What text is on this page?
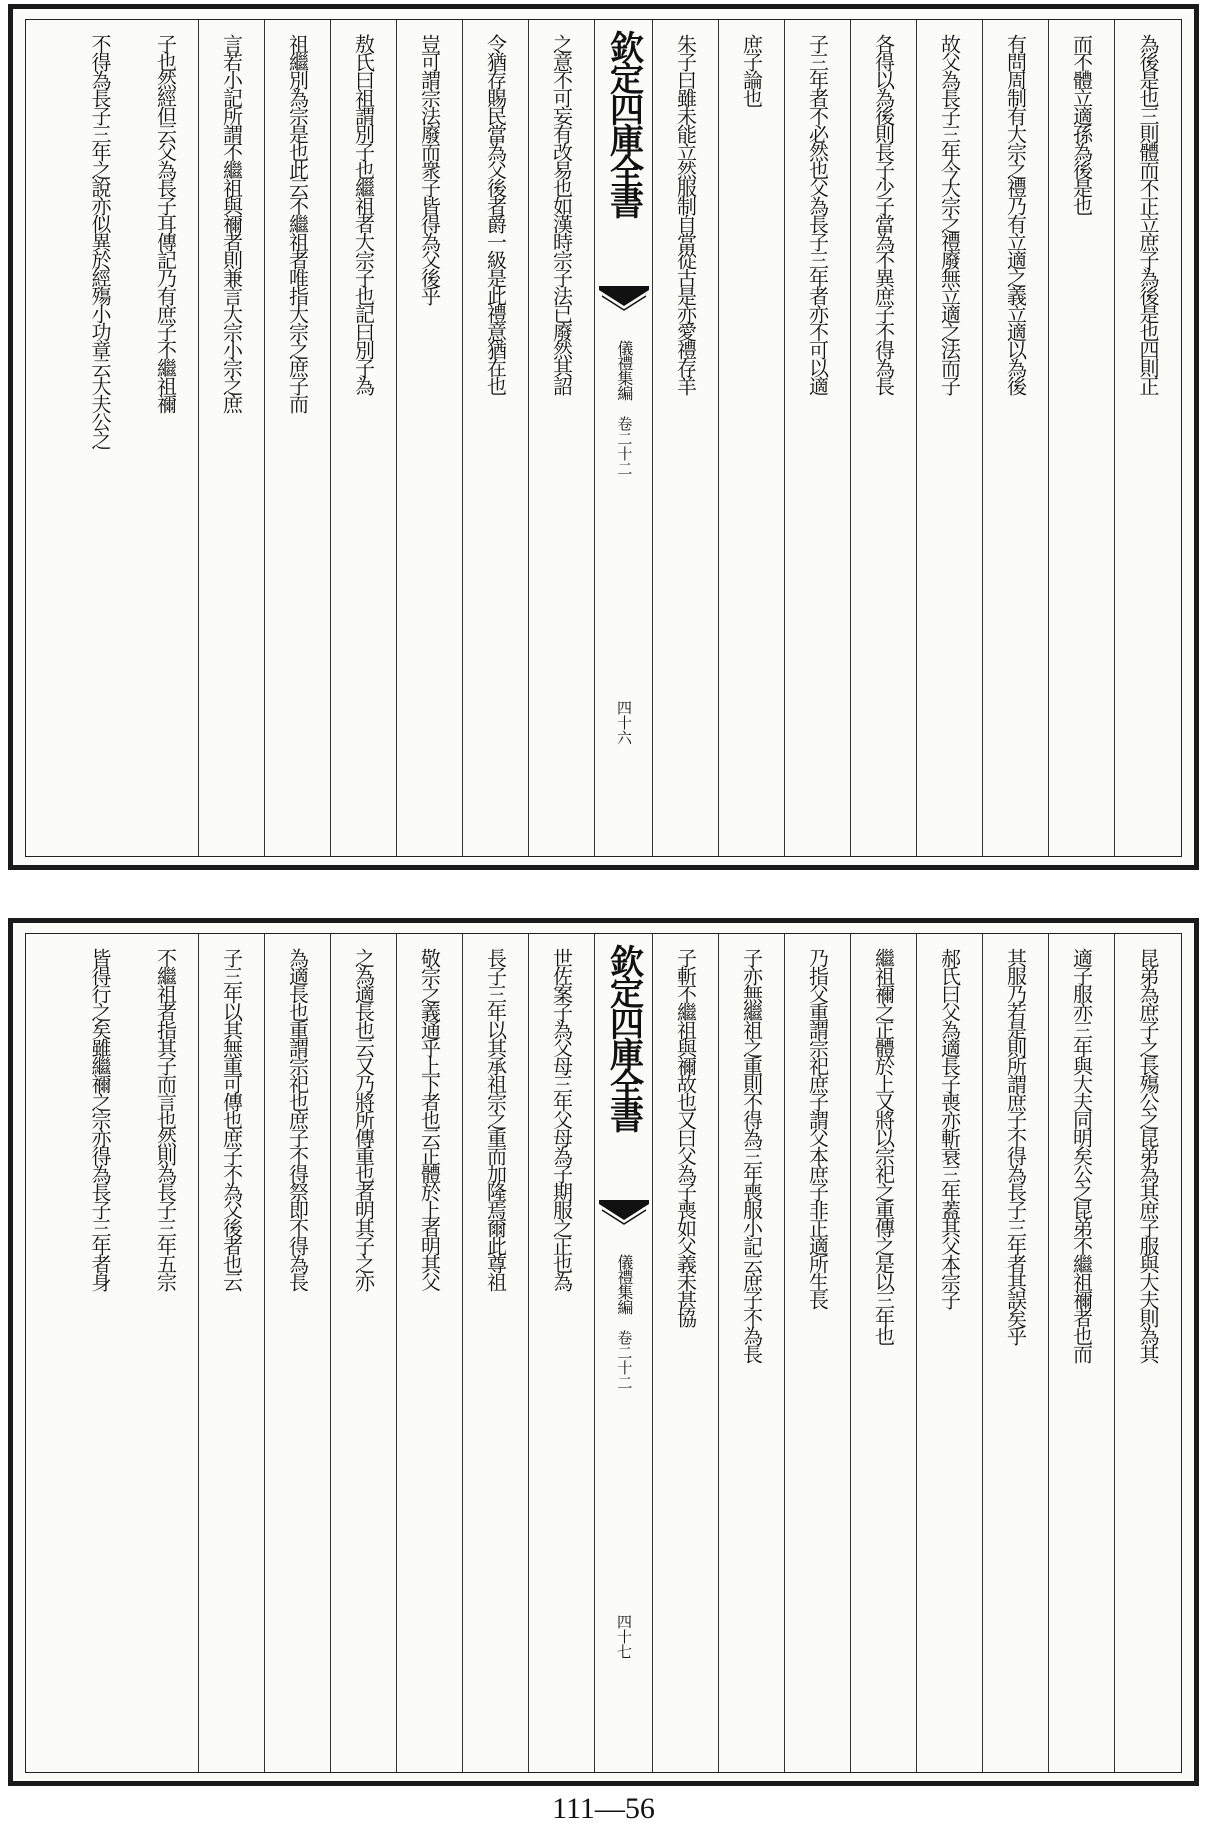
為後是也三則體而不正立庶子為後是也四則正
而不體立適孫為後是也
有問周制有大宗之禮乃有立適之義立適以為後
故父為長子三年今大宗之禮廢無立適之法而子
各得以為後則長子少子當為不異庶子不得為長
子三年者不必然也父為長子三年者亦不可以適
庶子論也
朱子曰雖未能立然服制自當從古是亦愛禮存羊
欽定四庫全書
儀禮集編
卷二十二
四十六
之意不可妄有改易也如漢時宗子法已廢然其詔
令猶存賜民當為父後者爵一級是此禮意猶在也
豈可謂宗法廢而衆子皆得為父後乎
敖氏曰祖謂別子也繼祖者大宗子也記曰別子為
祖繼別為宗是也此云不繼祖者唯指大宗之庶子而
言若小記所謂不繼祖與禰者則兼言大宗小宗之庶
子也然經但云父為長子耳傳記乃有庶子不繼祖禰
不得為長子三年之說亦似異於經殤小功章云大夫公之
昆弟為庶子之長殤公之昆弟為其庶子服與大夫則為其
適子服亦三年與大夫同明矣公之昆弟不繼祖禰者也而
其服乃若是則所謂庶子不得為長子三年者其誤矣乎
郝氏曰父為適長子喪亦斬衰三年蓋其父本宗子
繼祖禰之正體於上又將以宗祀之重傳之是以三年也
乃指父重謂宗祀庶子謂父本庶子非正適所生長
子亦無繼祖之重則不得為三年喪服小記云庶子不為長
子斬不繼祖與禰故也又曰父為子喪如父義未甚協
欽定四庫全書
儀禮集編
卷二十二
四十七
世佐案子為父母三年父母為子期服之正也為
長子三年以其承祖宗之重而加隆焉爾此尊祖
敬宗之義通乎上下者也云正體於上者明其父
之為適長也云又乃將所傳重也者明其子之亦
為適長也重謂宗祀也庶子不得祭即不得為長
子三年以其無重可傳也庶子不為父後者也云
不繼祖者指其子而言也然則為長子三年五宗
皆得行之矣雖繼禰之宗亦得為長子三年者身
111—56
